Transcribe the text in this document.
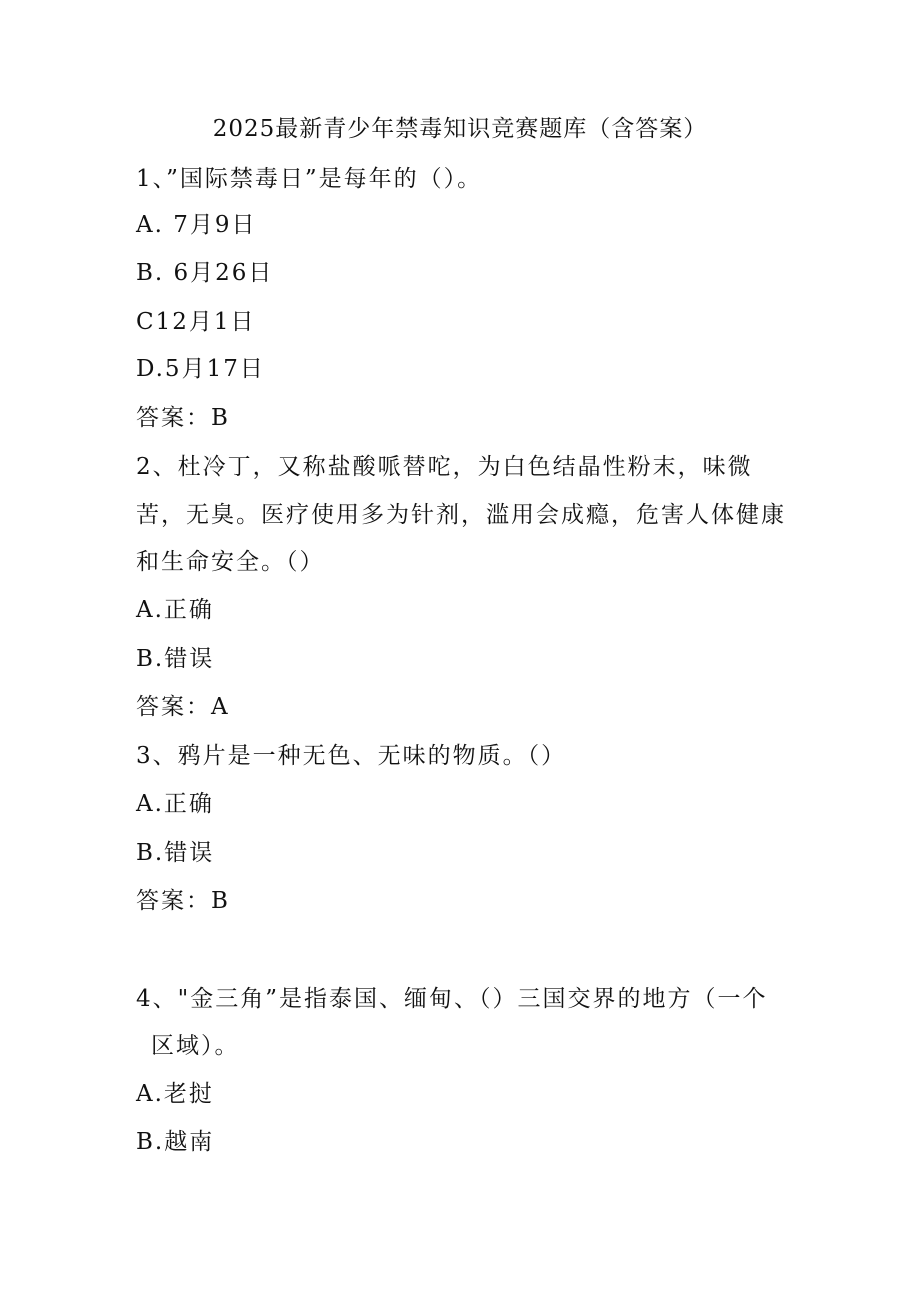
2025最新青少年禁毒知识竞赛题库（含答案）
1、”国际禁毒日”是每年的（）。
A. 7月9日
B. 6月26日
C12月1日
D.5月17日
答案：B
2、杜冷丁，又称盐酸哌替咜，为白色结晶性粉末，味微
苦，无臭。医疗使用多为针剂，滥用会成瘾，危害人体健康
和生命安全。（）
A.正确
B.错误
答案：A
3、鸦片是一种无色、无味的物质。（）
A.正确
B.错误
答案：B
4、"金三角”是指泰国、缅甸、（）三国交界的地方（一个
区域）。
A.老挝
B.越南
